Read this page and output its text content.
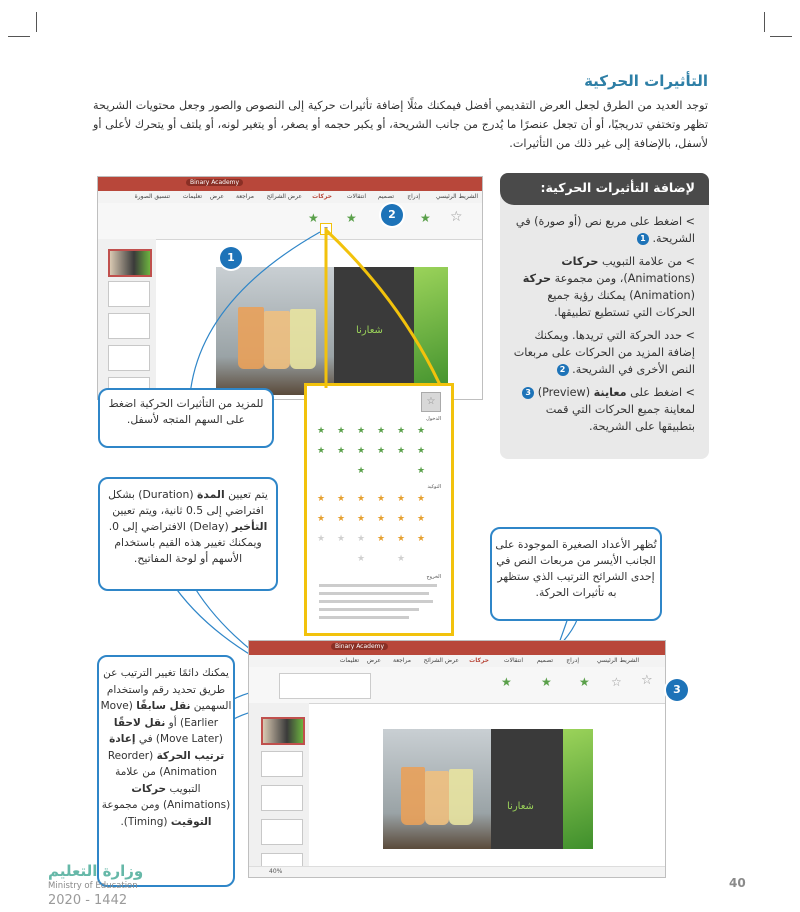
التأثيرات الحركية
توجد العديد من الطرق لجعل العرض التقديمي أفضل فيمكنك مثلًا إضافة تأثيرات حركية إلى النصوص والصور وجعل محتويات الشريحة تظهر وتختفي تدريجيًا، أو أن تجعل عنصرًا ما يُدرج من جانب الشريحة، أو يكبر حجمه أو يصغر، أو يتغير لونه، أو يلتف أو يتحرك لأعلى أو لأسفل، بالإضافة إلى غير ذلك من التأثيرات.
لإضافة التأثيرات الحركية:

> اضغط على مربع نص (أو صورة) في الشريحة. 1

> من علامة التبويب حركات (Animations)، ومن مجموعة حركة (Animation) يمكنك رؤية جميع الحركات التي تستطيع تطبيقها.

> حدد الحركة التي تريدها. ويمكنك إضافة المزيد من الحركات على مربعات النص الأخرى في الشريحة. 2

> اضغط على معاينة (Preview) 3 لمعاينة جميع الحركات التي قمت بتطبيقها على الشريحة.

Binary Academy
الشريط الرئيسي
إدراج
تصميم
انتقالات
حركات
عرض الشرائح
مراجعة
عرض
تعليمات
تنسيق الصورة
☆
★
★
★
▾
شعارنا
1
2
☆
الدخول
★ ★ ★ ★ ★ ★
★ ★ ★ ★ ★ ★
★	★
التوكيد
★ ★ ★ ★ ★ ★
★ ★ ★ ★ ★ ★
★ ★ ★ ★ ★ ★
★	★
الخروج
للمزيد من التأثيرات الحركية اضغط على السهم المتجه لأسفل.
يتم تعيين المدة (Duration) بشكل افتراضي إلى 0.5 ثانية، ويتم تعيين التأخير (Delay) الافتراضي إلى 0. ويمكنك تغيير هذه القيم باستخدام الأسهم أو لوحة المفاتيح.
تُظهر الأعداد الصغيرة الموجودة على الجانب الأيسر من مربعات النص في إحدى الشرائح الترتيب الذي ستظهر به تأثيرات الحركة.
يمكنك دائمًا تغيير الترتيب عن طريق تحديد رقم واستخدام السهمين نقل سابقًا (Move Earlier) أو نقل لاحقًا (Move Later) في إعادة ترتيب الحركة (Reorder Animation) من علامة التبويب حركات (Animations) ومن مجموعة التوقيت (Timing).
Binary Academy
الشريط الرئيسي
إدراج
تصميم
انتقالات
حركات
عرض الشرائح
مراجعة
عرض
تعليمات
☆
☆
★
★
★
شعارنا
40%
3
وزارة التعليم
Ministry of Education
2020 - 1442
40
